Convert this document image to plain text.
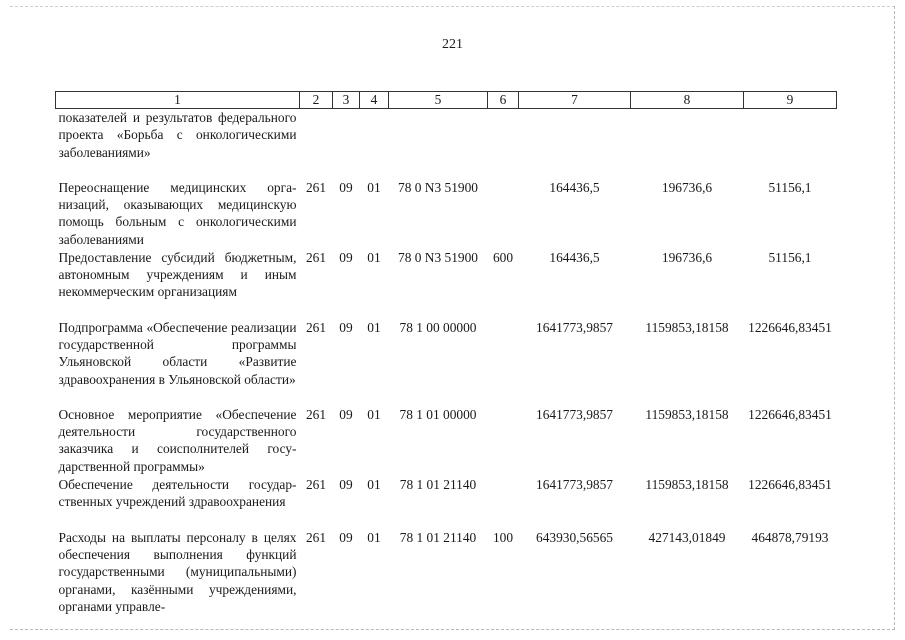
221
1	2	3	4	5	6	7	8	9
показателей и результатов федерального проекта «Борьба с онкологическими заболеваниями»								
Переоснащение медицинских организаций, оказывающих медицинскую помощь больным с онкологическими заболеваниями	261	09	01	78 0 N3 51900		164436,5	196736,6	51156,1
Предоставление субсидий бюджетным, автономным учреждениям и иным некоммерческим организациям	261	09	01	78 0 N3 51900	600	164436,5	196736,6	51156,1
Подпрограмма «Обеспечение реализации государственной программы Ульяновской области «Развитие здравоохранения в Ульяновской области»	261	09	01	78 1 00 00000		1641773,9857	1159853,18158	1226646,83451
Основное мероприятие «Обеспечение деятельности государственного заказчика и соисполнителей государственной программы»	261	09	01	78 1 01 00000		1641773,9857	1159853,18158	1226646,83451
Обеспечение деятельности государственных учреждений здравоохранения	261	09	01	78 1 01 21140		1641773,9857	1159853,18158	1226646,83451
Расходы на выплаты персоналу в целях обеспечения выполнения функций государственными (муниципальными) органами, казёнными учреждениями, органами управле-	261	09	01	78 1 01 21140	100	643930,56565	427143,01849	464878,79193
